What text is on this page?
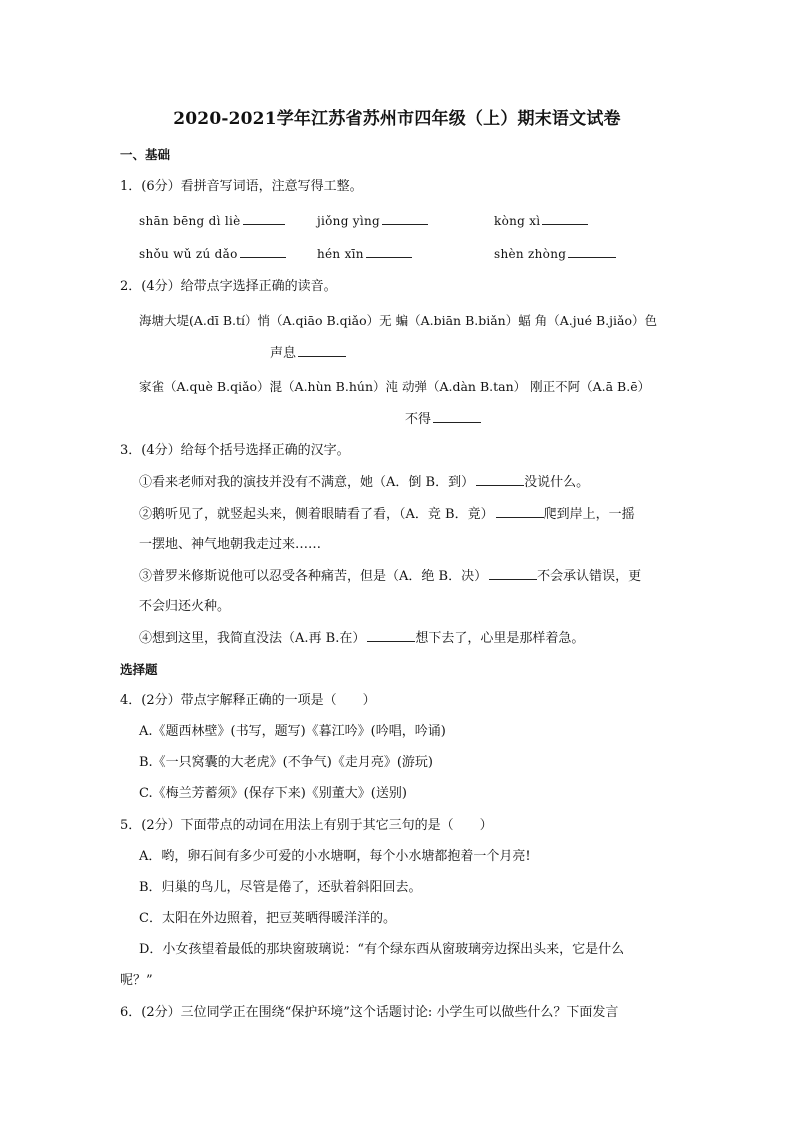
2020-2021学年江苏省苏州市四年级（上）期末语文试卷
一、基础
1．(6分）看拼音写词语，注意写得工整。
shān bēng dì liè	jiǒng yìng	kòng xì
shǒu wǔ zú dǎo	hén xīn	shèn zhòng
2．(4分）给带点字选择正确的读音。
海塘大堤(A.dī B.tí）悄（A.qiāo B.qiǎo）无 蝙（A.biān B.biǎn）蝠 角（A.jué B.jiǎo）色
声息
家雀（A.què B.qiǎo）混（A.hùn B.hún）沌 动弹（A.dàn B.tan） 刚正不阿（A.ā B.ē）
不得
3．(4分）给每个括号选择正确的汉字。
①看来老师对我的演技并没有不满意，她（A．倒 B．到）	没说什么。
②鹅听见了，就竖起头来，侧着眼睛看了看，（A．竞 B．竟）	爬到岸上，一摇
一摆地、神气地朝我走过来……
③普罗米修斯说他可以忍受各种痛苦，但是（A．绝 B．决）	不会承认错误，更
不会归还火种。
④想到这里，我简直没法（A.再 B.在）	想下去了，心里是那样着急。
选择题
4．(2分）带点字解释正确的一项是（　　）
A.《题西林壁》(书写，题写)《暮江吟》(吟唱，吟诵)
B.《一只窝囊的大老虎》(不争气)《走月亮》(游玩)
C.《梅兰芳蓄须》(保存下来)《别董大》(送别)
5．(2分）下面带点的动词在用法上有别于其它三句的是（　　）
A．哟，卵石间有多少可爱的小水塘啊，每个小水塘都抱着一个月亮!
B．归巢的鸟儿，尽管是倦了，还驮着斜阳回去。
C．太阳在外边照着，把豆荚晒得暖洋洋的。
D．小女孩望着最低的那块窗玻璃说：“有个绿东西从窗玻璃旁边探出头来，它是什么
呢？”
6．(2分）三位同学正在围绕“保护环境”这个话题讨论: 小学生可以做些什么？下面发言
